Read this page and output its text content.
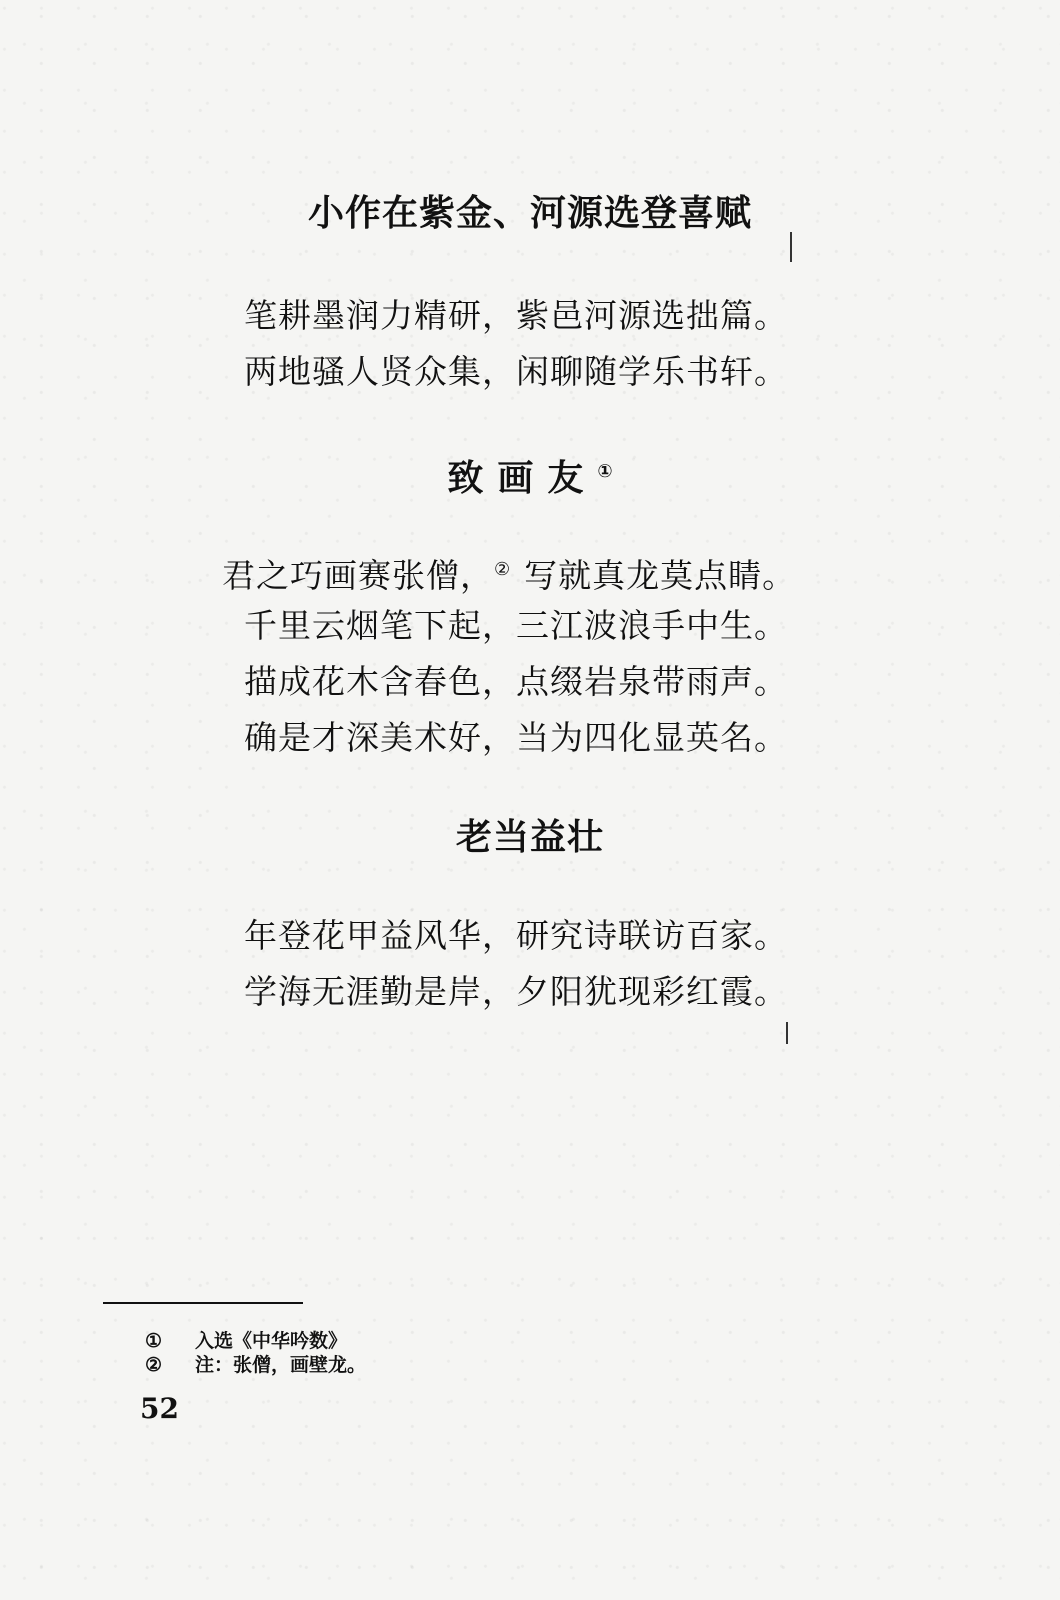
小作在紫金、河源选登喜赋
笔耕墨润力精研，紫邑河源选拙篇。
两地骚人贤众集，闲聊随学乐书轩。
致画友①
君之巧画赛张僧，② 写就真龙莫点睛。
千里云烟笔下起，三江波浪手中生。
描成花木含春色，点缀岩泉带雨声。
确是才深美术好，当为四化显英名。
老当益壮
年登花甲益风华，研究诗联访百家。
学海无涯勤是岸，夕阳犹现彩红霞。
① 入选《中华吟数》
② 注：张僧，画壁龙。
52
